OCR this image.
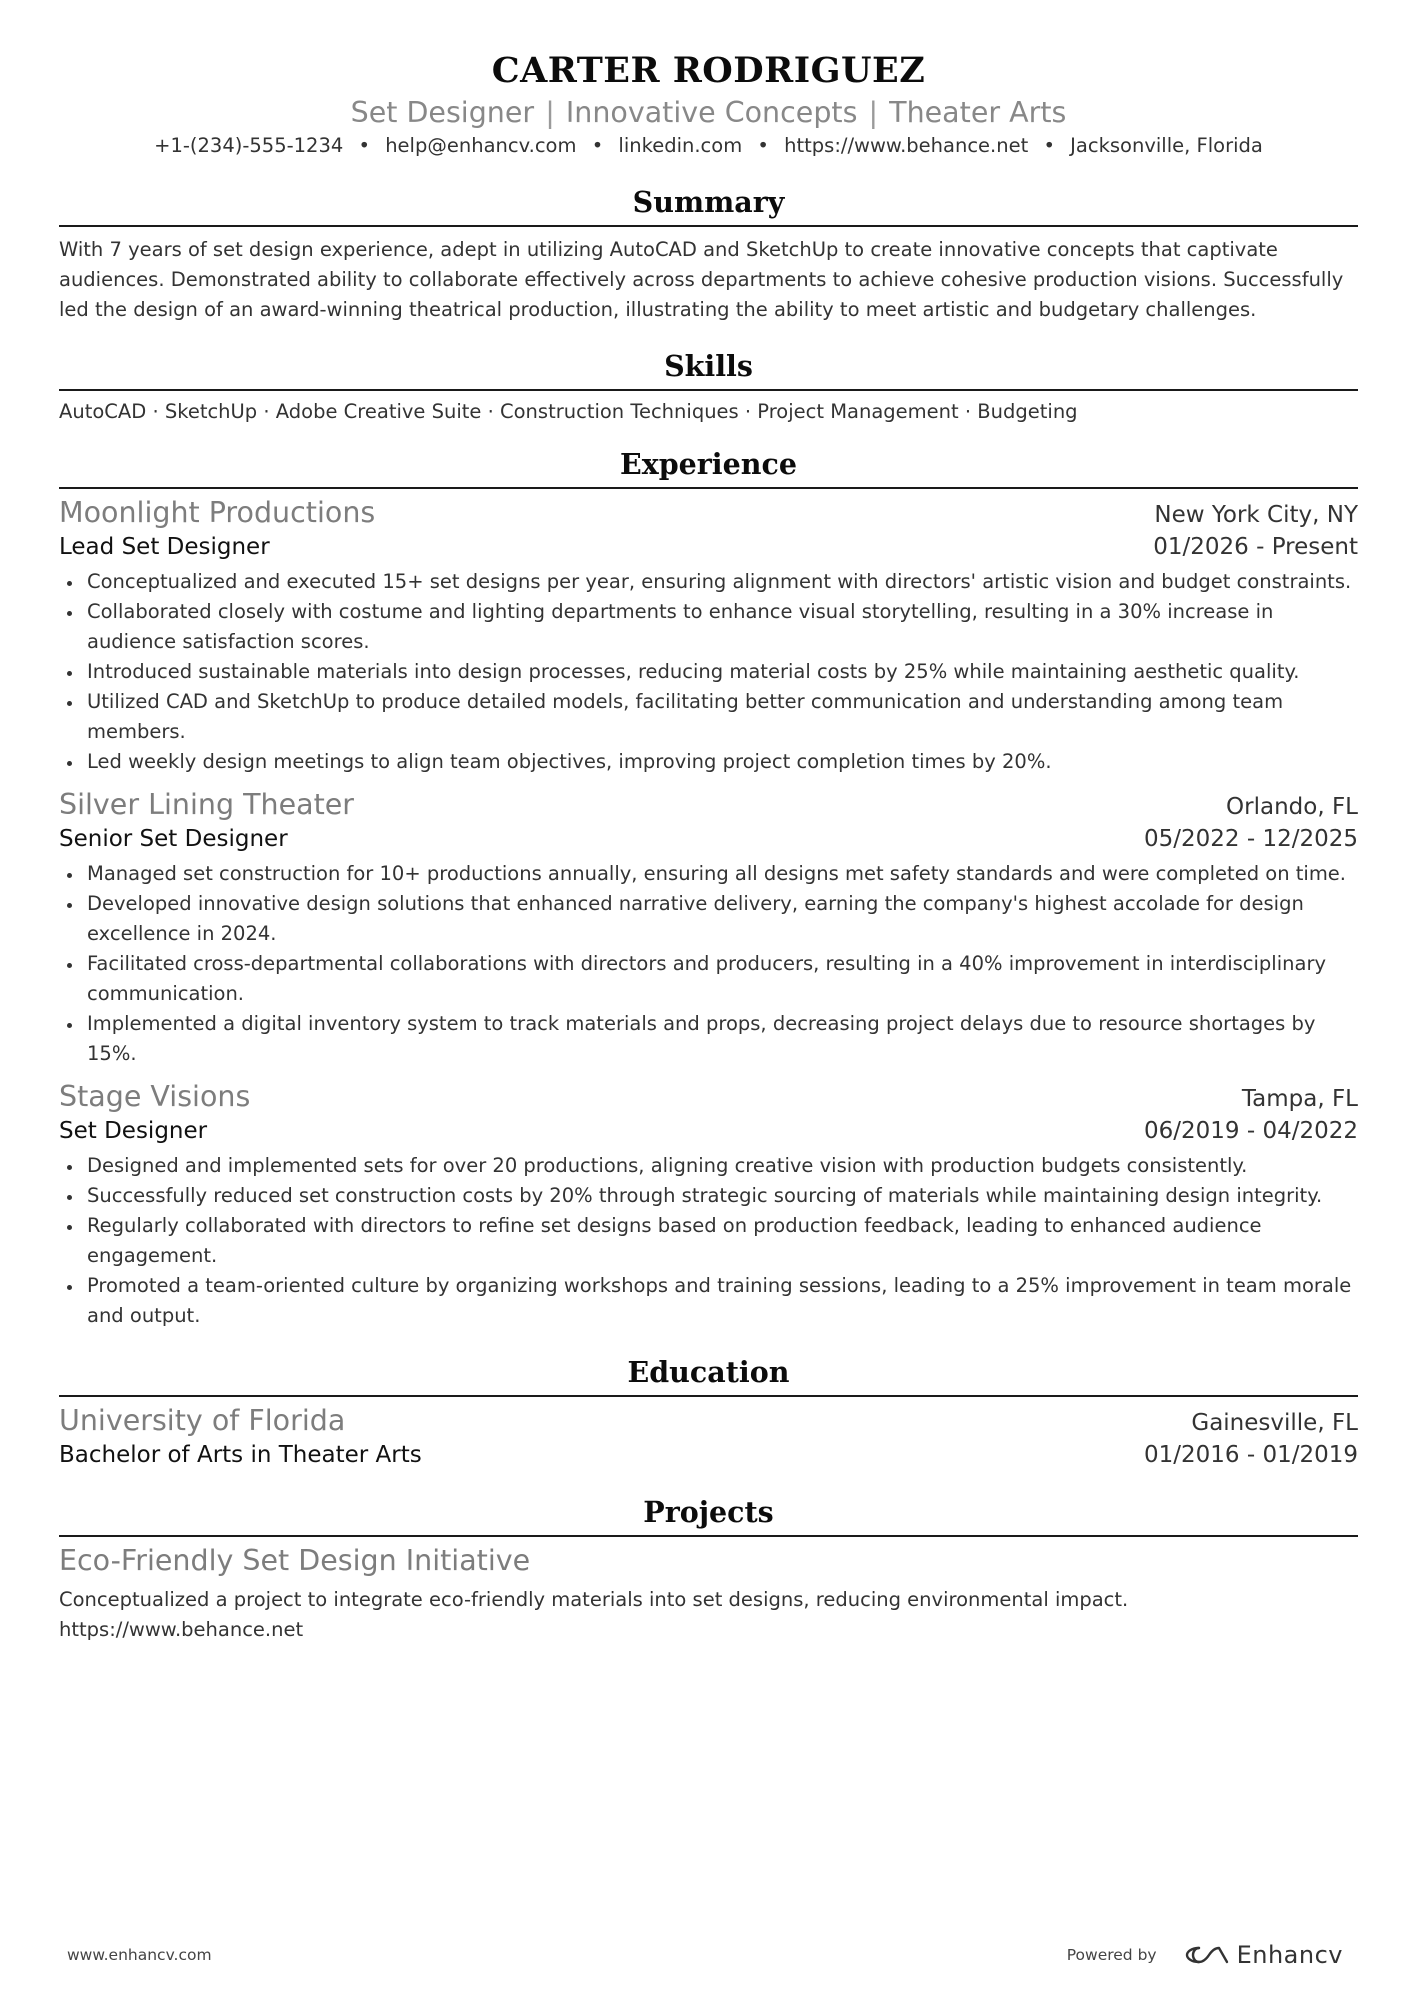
CARTER RODRIGUEZ
Set Designer | Innovative Concepts | Theater Arts
+1-(234)-555-1234 • help@enhancv.com • linkedin.com • https://www.behance.net • Jacksonville, Florida
Summary
With 7 years of set design experience, adept in utilizing AutoCAD and SketchUp to create innovative concepts that captivate audiences. Demonstrated ability to collaborate effectively across departments to achieve cohesive production visions. Successfully led the design of an award-winning theatrical production, illustrating the ability to meet artistic and budgetary challenges.
Skills
AutoCAD · SketchUp · Adobe Creative Suite · Construction Techniques · Project Management · Budgeting
Experience
Moonlight Productions	New York City, NY
Lead Set Designer	01/2026 - Present
Conceptualized and executed 15+ set designs per year, ensuring alignment with directors' artistic vision and budget constraints.
Collaborated closely with costume and lighting departments to enhance visual storytelling, resulting in a 30% increase in audience satisfaction scores.
Introduced sustainable materials into design processes, reducing material costs by 25% while maintaining aesthetic quality.
Utilized CAD and SketchUp to produce detailed models, facilitating better communication and understanding among team members.
Led weekly design meetings to align team objectives, improving project completion times by 20%.
Silver Lining Theater	Orlando, FL
Senior Set Designer	05/2022 - 12/2025
Managed set construction for 10+ productions annually, ensuring all designs met safety standards and were completed on time.
Developed innovative design solutions that enhanced narrative delivery, earning the company's highest accolade for design excellence in 2024.
Facilitated cross-departmental collaborations with directors and producers, resulting in a 40% improvement in interdisciplinary communication.
Implemented a digital inventory system to track materials and props, decreasing project delays due to resource shortages by 15%.
Stage Visions	Tampa, FL
Set Designer	06/2019 - 04/2022
Designed and implemented sets for over 20 productions, aligning creative vision with production budgets consistently.
Successfully reduced set construction costs by 20% through strategic sourcing of materials while maintaining design integrity.
Regularly collaborated with directors to refine set designs based on production feedback, leading to enhanced audience engagement.
Promoted a team-oriented culture by organizing workshops and training sessions, leading to a 25% improvement in team morale and output.
Education
University of Florida	Gainesville, FL
Bachelor of Arts in Theater Arts	01/2016 - 01/2019
Projects
Eco-Friendly Set Design Initiative
Conceptualized a project to integrate eco-friendly materials into set designs, reducing environmental impact.
https://www.behance.net
www.enhancv.com	Powered by	Enhancv
